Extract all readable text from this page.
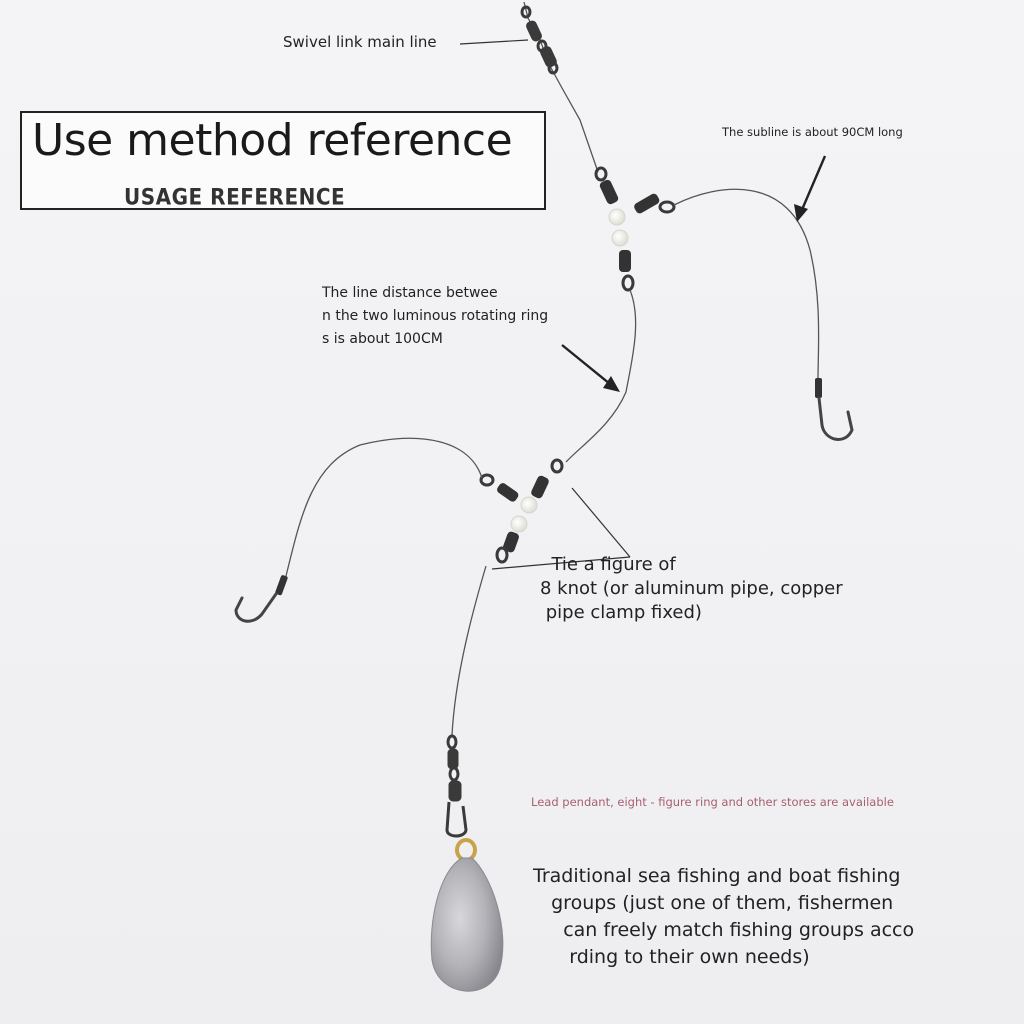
Use method reference
USAGE REFERENCE

Swivel link main line

The subline is about 90CM long

The line distance betwee
n the two luminous rotating ring
s is about 100CM

Tie a figure of
8 knot (or aluminum pipe, copper
pipe clamp fixed)

Lead pendant, eight - figure ring and other stores are available

Traditional sea fishing and boat fishing
groups (just one of them, fishermen
can freely match fishing groups acco
rding to their own needs)
